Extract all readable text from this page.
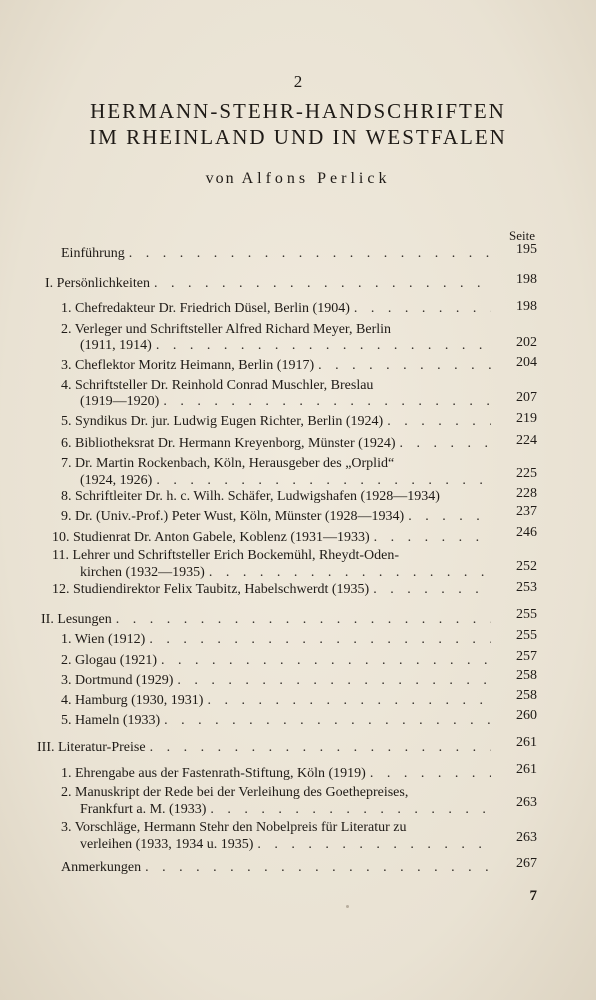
2
HERMANN-STEHR-HANDSCHRIFTEN
IM RHEINLAND UND IN WESTFALEN
von Alfons Perlick
Seite
Einführung . . .	195
I. Persönlichkeiten . . .	198
1. Chefredakteur Dr. Friedrich Düsel, Berlin (1904) . . .	198
2. Verleger und Schriftsteller Alfred Richard Meyer, Berlin
(1911, 1914) . . .	202
3. Cheflektor Moritz Heimann, Berlin (1917) . . .	204
4. Schriftsteller Dr. Reinhold Conrad Muschler, Breslau
(1919—1920) . . .	207
5. Syndikus Dr. jur. Ludwig Eugen Richter, Berlin (1924) . . .	219
6. Bibliotheksrat Dr. Hermann Kreyenborg, Münster (1924) . . .	224
7. Dr. Martin Rockenbach, Köln, Herausgeber des „Orplid“
(1924, 1926) . . .	225
8. Schriftleiter Dr. h. c. Wilh. Schäfer, Ludwigshafen (1928—1934)	228
9. Dr. (Univ.-Prof.) Peter Wust, Köln, Münster (1928—1934) . . .	237
10. Studienrat Dr. Anton Gabele, Koblenz (1931—1933) . . .	246
11. Lehrer und Schriftsteller Erich Bockemühl, Rheydt-Oden-
kirchen (1932—1935) . . .	252
12. Studiendirektor Felix Taubitz, Habelschwerdt (1935) . . .	253
II. Lesungen . . .	255
1. Wien (1912) . . .	255
2. Glogau (1921) . . .	257
3. Dortmund (1929) . . .	258
4. Hamburg (1930, 1931) . . .	258
5. Hameln (1933) . . .	260
III. Literatur-Preise . . .	261
1. Ehrengabe aus der Fastenrath-Stiftung, Köln (1919) . . .	261
2. Manuskript der Rede bei der Verleihung des Goethepreises,
Frankfurt a. M. (1933) . . .	263
3. Vorschläge, Hermann Stehr den Nobelpreis für Literatur zu
verleihen (1933, 1934 u. 1935) . . .	263
Anmerkungen . . .	267
7
